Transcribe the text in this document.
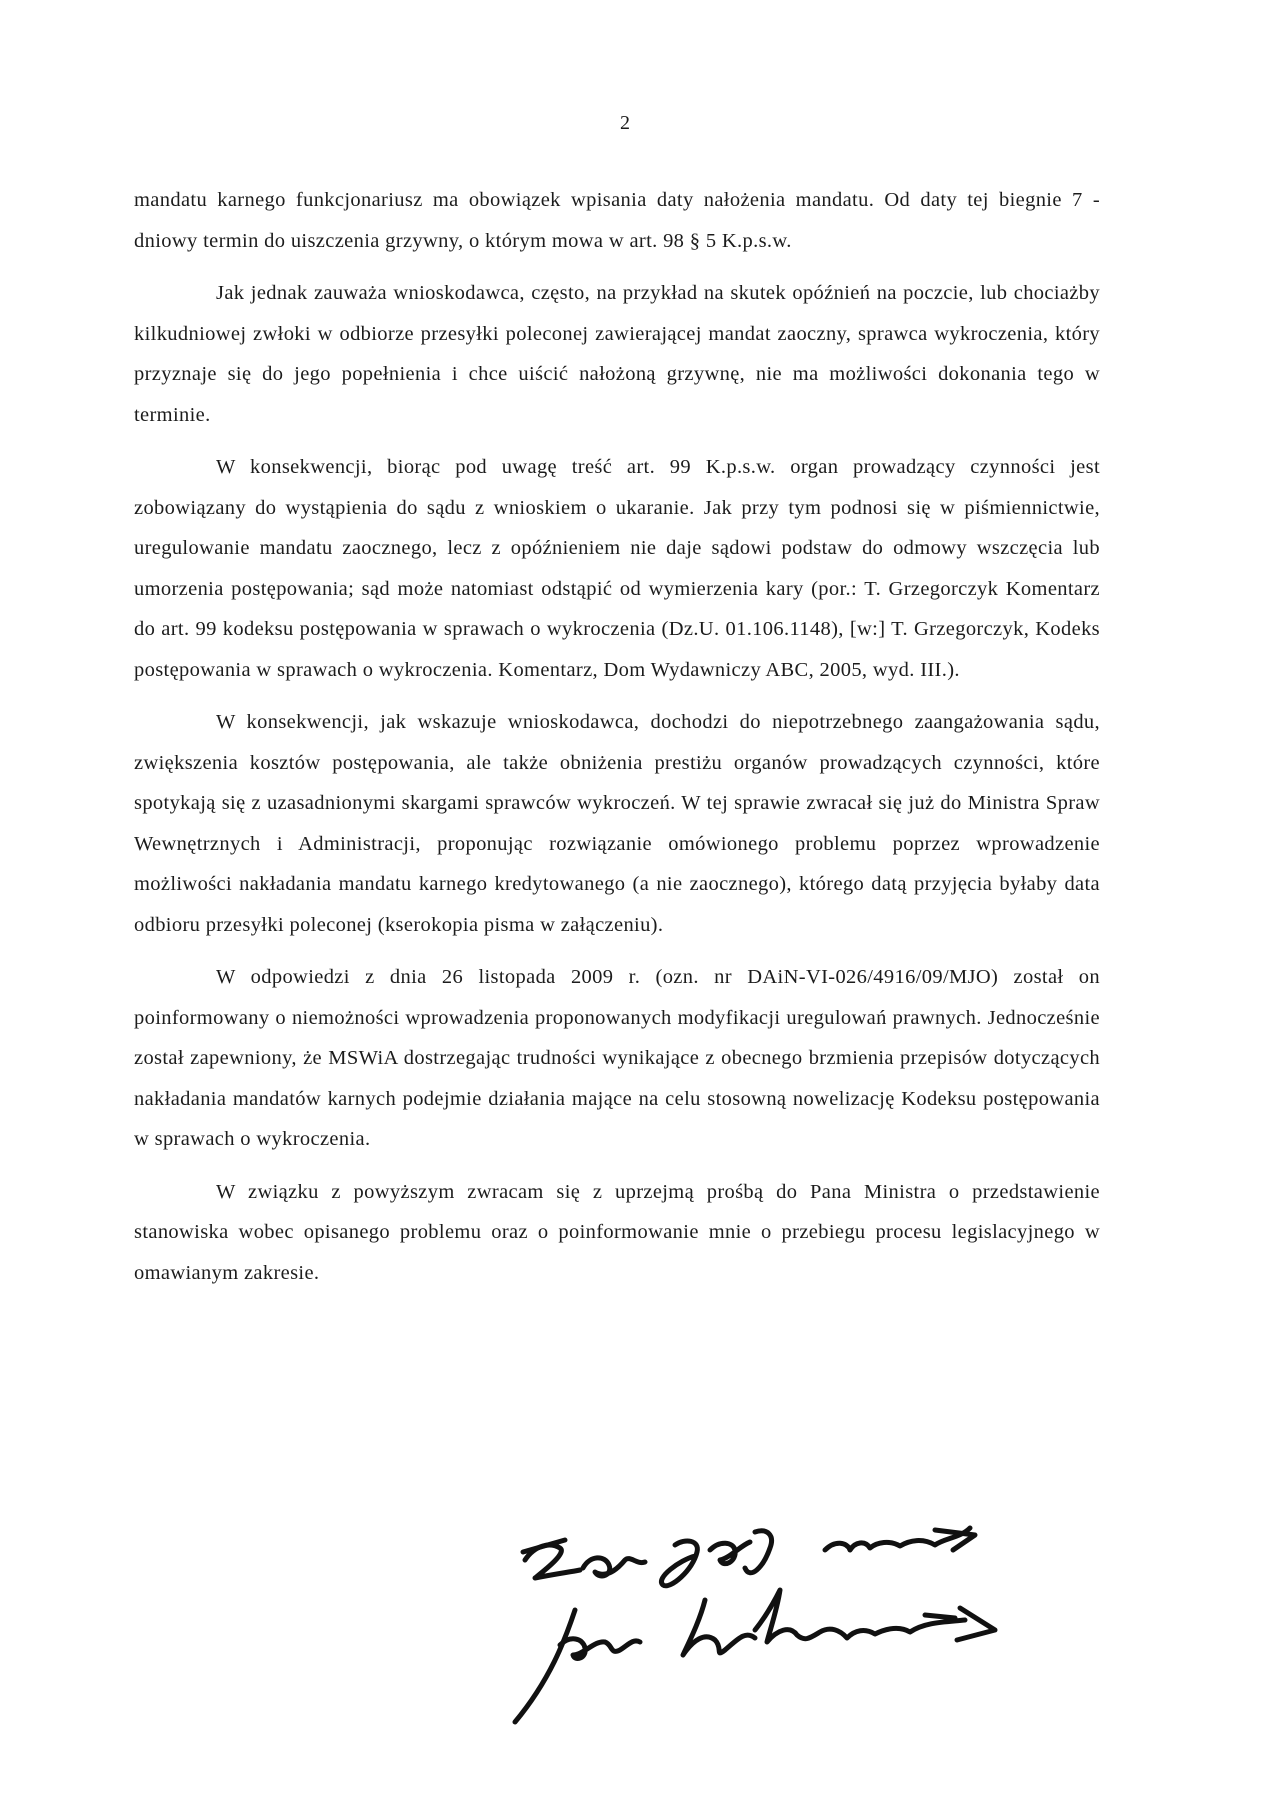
2

mandatu karnego funkcjonariusz ma obowiązek wpisania daty nałożenia mandatu. Od daty tej biegnie 7 - dniowy termin do uiszczenia grzywny, o którym mowa w art. 98 § 5 K.p.s.w.

Jak jednak zauważa wnioskodawca, często, na przykład na skutek opóźnień na poczcie, lub chociażby kilkudniowej zwłoki w odbiorze przesyłki poleconej zawierającej mandat zaoczny, sprawca wykroczenia, który przyznaje się do jego popełnienia i chce uiścić nałożoną grzywnę, nie ma możliwości dokonania tego w terminie.

W konsekwencji, biorąc pod uwagę treść art. 99 K.p.s.w. organ prowadzący czynności jest zobowiązany do wystąpienia do sądu z wnioskiem o ukaranie. Jak przy tym podnosi się w piśmiennictwie, uregulowanie mandatu zaocznego, lecz z opóźnieniem nie daje sądowi podstaw do odmowy wszczęcia lub umorzenia postępowania; sąd może natomiast odstąpić od wymierzenia kary (por.: T. Grzegorczyk Komentarz do art. 99 kodeksu postępowania w sprawach o wykroczenia (Dz.U. 01.106.1148), [w:] T. Grzegorczyk, Kodeks postępowania w sprawach o wykroczenia. Komentarz, Dom Wydawniczy ABC, 2005, wyd. III.).

W konsekwencji, jak wskazuje wnioskodawca, dochodzi do niepotrzebnego zaangażowania sądu, zwiększenia kosztów postępowania, ale także obniżenia prestiżu organów prowadzących czynności, które spotykają się z uzasadnionymi skargami sprawców wykroczeń. W tej sprawie zwracał się już do Ministra Spraw Wewnętrznych i Administracji, proponując rozwiązanie omówionego problemu poprzez wprowadzenie możliwości nakładania mandatu karnego kredytowanego (a nie zaocznego), którego datą przyjęcia byłaby data odbioru przesyłki poleconej (kserokopia pisma w załączeniu).

W odpowiedzi z dnia 26 listopada 2009 r. (ozn. nr DAiN-VI-026/4916/09/MJO) został on poinformowany o niemożności wprowadzenia proponowanych modyfikacji uregulowań prawnych. Jednocześnie został zapewniony, że MSWiA dostrzegając trudności wynikające z obecnego brzmienia przepisów dotyczących nakładania mandatów karnych podejmie działania mające na celu stosowną nowelizację Kodeksu postępowania w sprawach o wykroczenia.

W związku z powyższym zwracam się z uprzejmą prośbą do Pana Ministra o przedstawienie stanowiska wobec opisanego problemu oraz o poinformowanie mnie o przebiegu procesu legislacyjnego w omawianym zakresie.
